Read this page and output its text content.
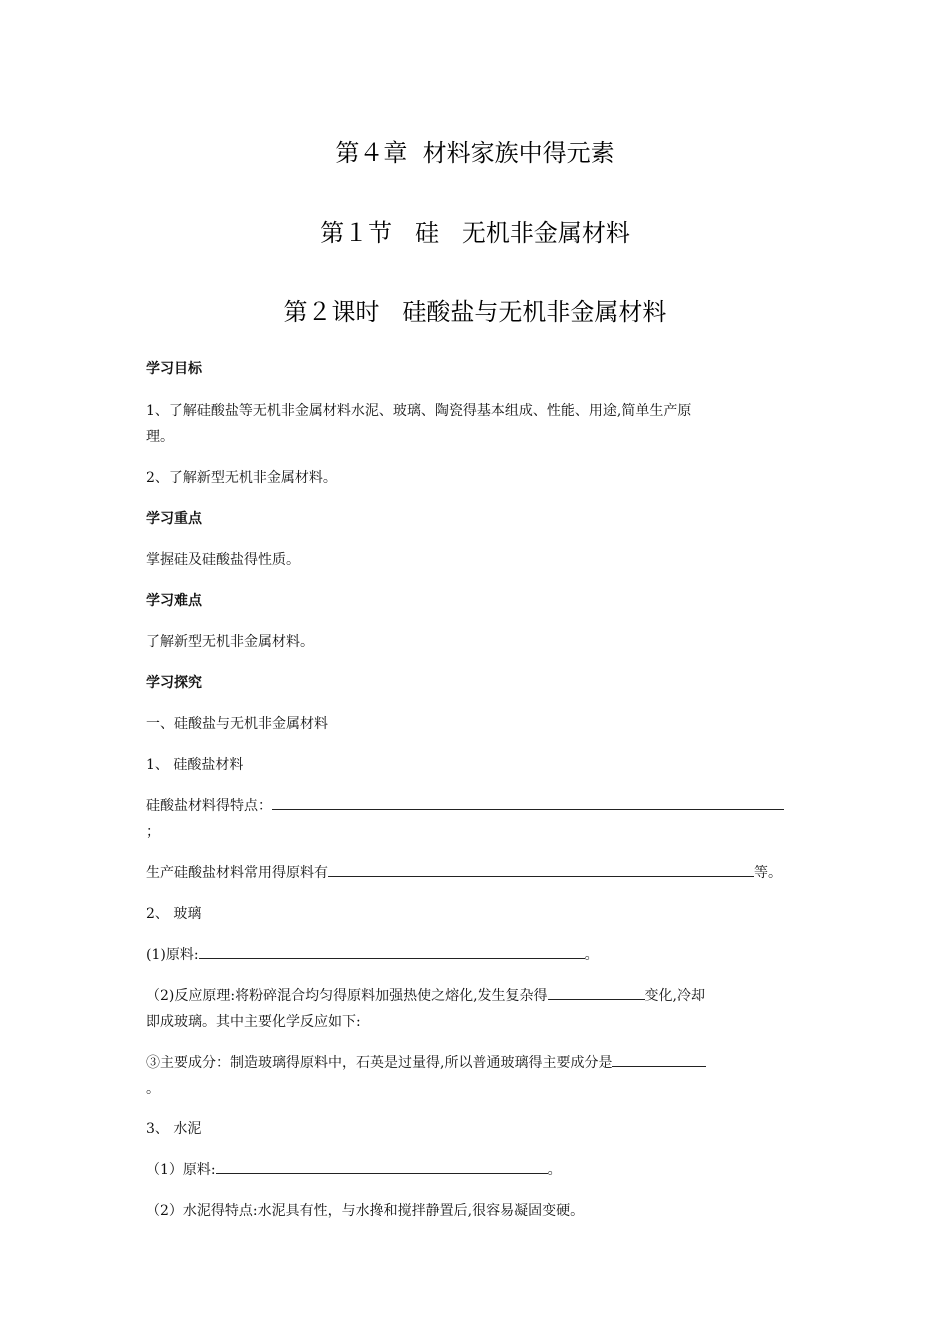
第４章  材料家族中得元素
第１节   硅   无机非金属材料
第２课时   硅酸盐与无机非金属材料
学习目标
1、了解硅酸盐等无机非金属材料水泥、玻璃、陶瓷得基本组成、性能、用途,简单生产原
理。
2、了解新型无机非金属材料。
学习重点
掌握硅及硅酸盐得性质。
学习难点
了解新型无机非金属材料。
学习探究
一、硅酸盐与无机非金属材料
1、 硅酸盐材料
硅酸盐材料得特点：
；
生产硅酸盐材料常用得原料有	等。
2、 玻璃
(1)原料:	。
（2)反应原理:将粉碎混合均匀得原料加强热使之熔化,发生复杂得	变化,冷却
即成玻璃。其中主要化学反应如下:
③主要成分：制造玻璃得原料中，石英是过量得,所以普通玻璃得主要成分是
。
3、 水泥
（1）原料:	。
（2）水泥得特点:水泥具有性，与水搀和搅拌静置后,很容易凝固变硬。
